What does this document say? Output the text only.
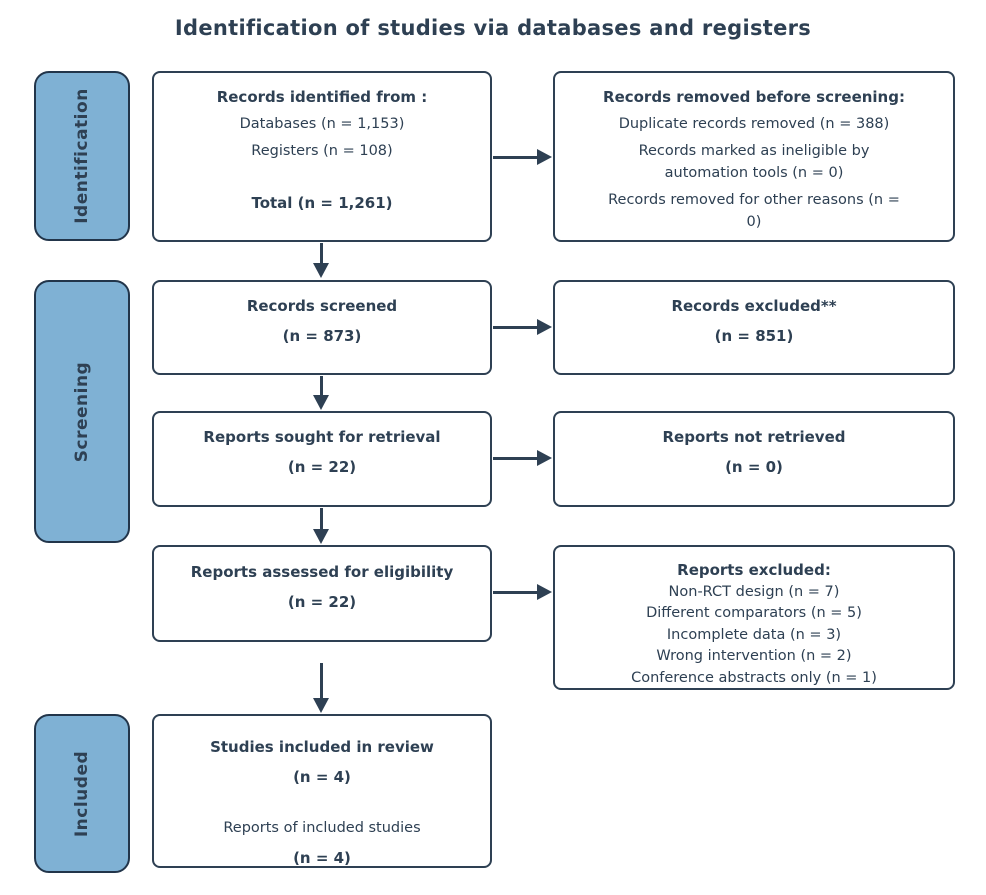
Identification of studies via databases and registers
Identification
Screening
Included
Records identified from :
Databases (n = 1,153)
Registers (n = 108)
Total (n = 1,261)
Records screened
(n = 873)
Reports sought for retrieval
(n = 22)
Reports assessed for eligibility
(n = 22)
Studies included in review
(n = 4)
Reports of included studies
(n = 4)
Records removed before screening:
Duplicate records removed (n = 388)
Records marked as ineligible by automation tools (n = 0)
Records removed for other reasons (n = 0)
Records excluded**
(n = 851)
Reports not retrieved
(n = 0)
Reports excluded:
Non-RCT design (n = 7)
Different comparators (n = 5)
Incomplete data (n = 3)
Wrong intervention (n = 2)
Conference abstracts only (n = 1)
